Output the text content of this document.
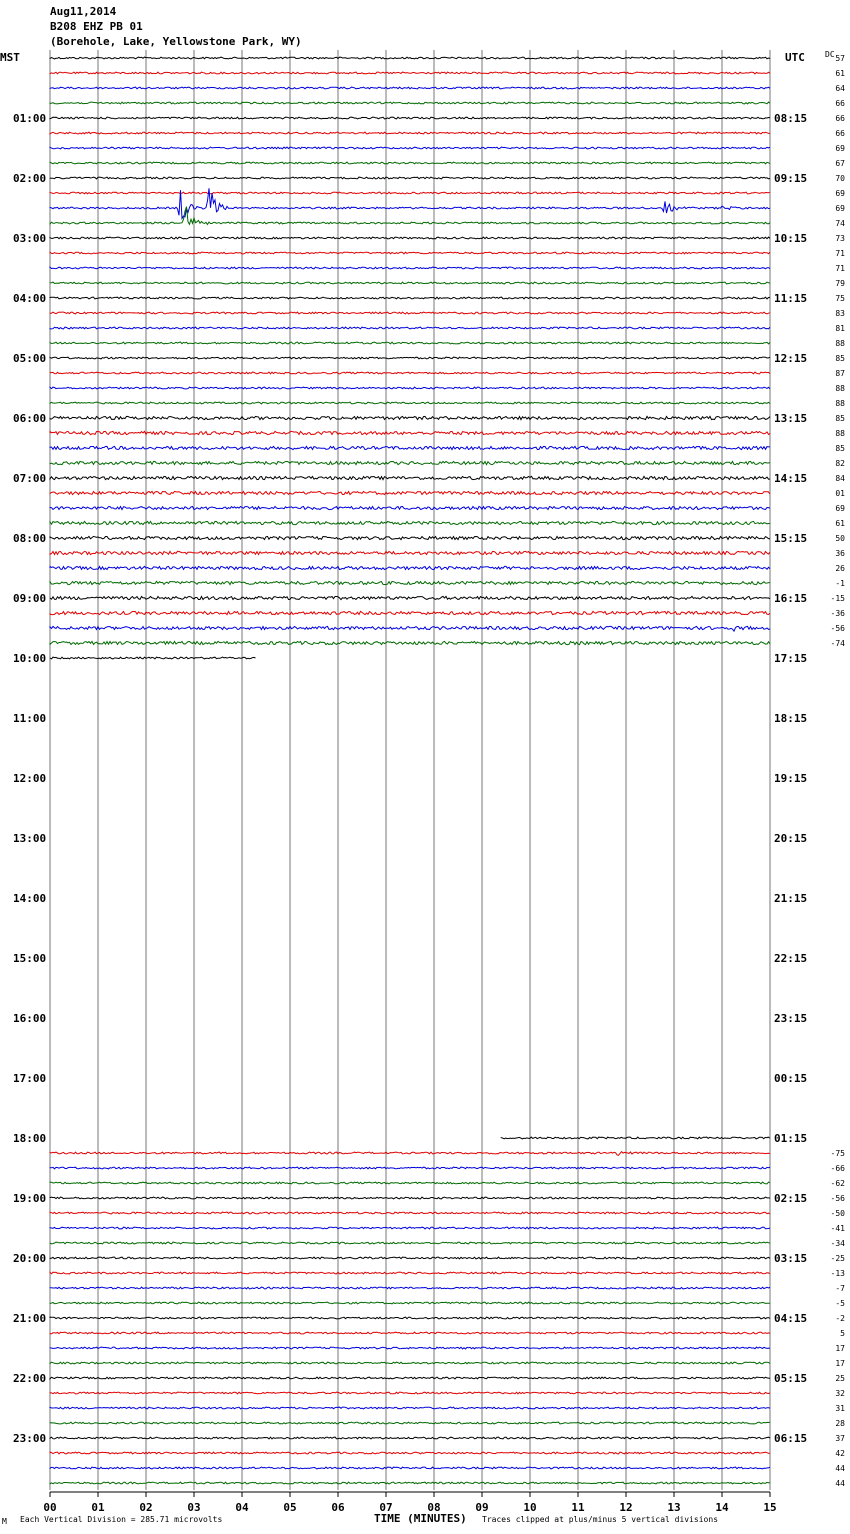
Aug11,2014
B208 EHZ PB 01
(Borehole, Lake, Yellowstone Park, WY)
MST	UTC	DC
01:00
02:00
03:00
04:00
05:00
06:00
07:00
08:00
09:00
10:00
11:00
12:00
13:00
14:00
15:00
16:00
17:00
18:00
19:00
20:00
21:00
22:00
23:00
08:15
09:15
10:15
11:15
12:15
13:15
14:15
15:15
16:15
17:15
18:15
19:15
20:15
21:15
22:15
23:15
00:15
01:15
02:15
03:15
04:15
05:15
06:15
57
61
64
66
66
66
69
67
70
69
69
74
73
71
71
79
75
83
81
88
85
87
88
88
85
88
85
82
84
01
69
61
50
36
26
-1
-15
-36
-56
-74
-75
-66
-62
-56
-50
-41
-34
-25
-13
-7
-5
-2
5
17
17
25
32
31
28
37
42
44
44
00	01	02	03	04	05	06	07	08	09	10	11	12	13	14	15
M Each Vertical Division = 285.71 microvolts	TIME (MINUTES) Traces clipped at plus/minus 5 vertical divisions
